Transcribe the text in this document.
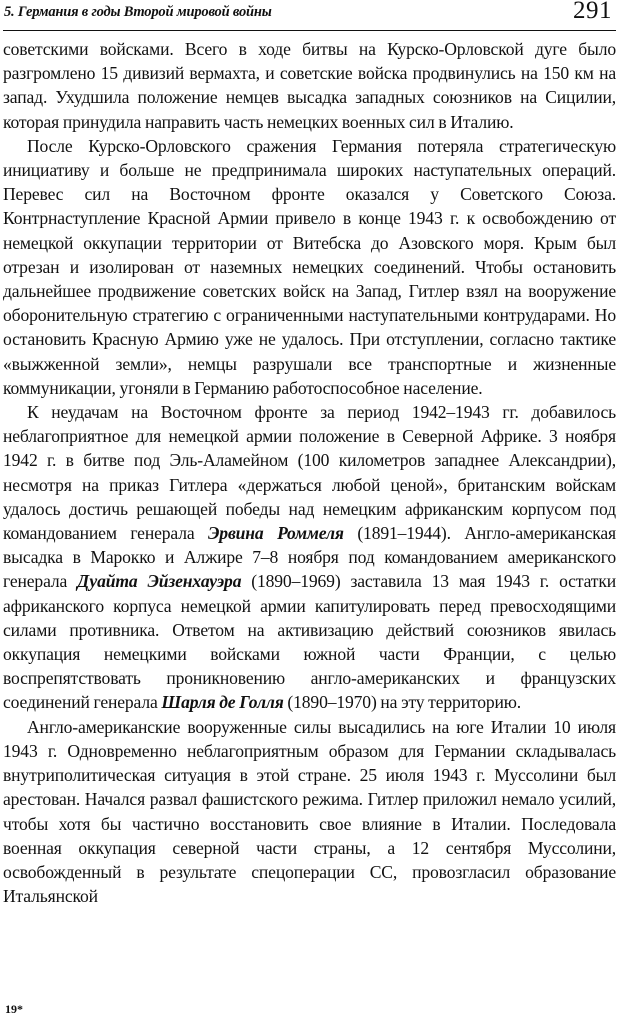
5. Германия в годы Второй мировой войны	291

советскими войсками. Всего в ходе битвы на Курско-Орловской дуге было разгромлено 15 дивизий вермахта, и советские войска продвинулись на 150 км на запад. Ухудшила положение немцев высадка западных союзников на Сицилии, которая принудила направить часть немецких военных сил в Италию.

После Курско-Орловского сражения Германия потеряла стратегическую инициативу и больше не предпринимала широких наступательных операций. Перевес сил на Восточном фронте оказался у Советского Союза. Контрнаступление Красной Армии привело в конце 1943 г. к освобождению от немецкой оккупации территории от Витебска до Азовского моря. Крым был отрезан и изолирован от наземных немецких соединений. Чтобы остановить дальнейшее продвижение советских войск на Запад, Гитлер взял на вооружение оборонительную стратегию с ограниченными наступательными контрударами. Но остановить Красную Армию уже не удалось. При отступлении, согласно тактике «выжженной земли», немцы разрушали все транспортные и жизненные коммуникации, угоняли в Германию работоспособное население.

К неудачам на Восточном фронте за период 1942–1943 гг. добавилось неблагоприятное для немецкой армии положение в Северной Африке. 3 ноября 1942 г. в битве под Эль-Аламейном (100 километров западнее Александрии), несмотря на приказ Гитлера «держаться любой ценой», британским войскам удалось достичь решающей победы над немецким африканским корпусом под командованием генерала Эрвина Роммеля (1891–1944). Англо-американская высадка в Марокко и Алжире 7–8 ноября под командованием американского генерала Дуайта Эйзенхауэра (1890–1969) заставила 13 мая 1943 г. остатки африканского корпуса немецкой армии капитулировать перед превосходящими силами противника. Ответом на активизацию действий союзников явилась оккупация немецкими войсками южной части Франции, с целью воспрепятствовать проникновению англо-американских и французских соединений генерала Шарля де Голля (1890–1970) на эту территорию.

Англо-американские вооруженные силы высадились на юге Италии 10 июля 1943 г. Одновременно неблагоприятным образом для Германии складывалась внутриполитическая ситуация в этой стране. 25 июля 1943 г. Муссолини был арестован. Начался развал фашистского режима. Гитлер приложил немало усилий, чтобы хотя бы частично восстановить свое влияние в Италии. Последовала военная оккупация северной части страны, а 12 сентября Муссолини, освобожденный в результате спецоперации СС, провозгласил образование Итальянской

19*
